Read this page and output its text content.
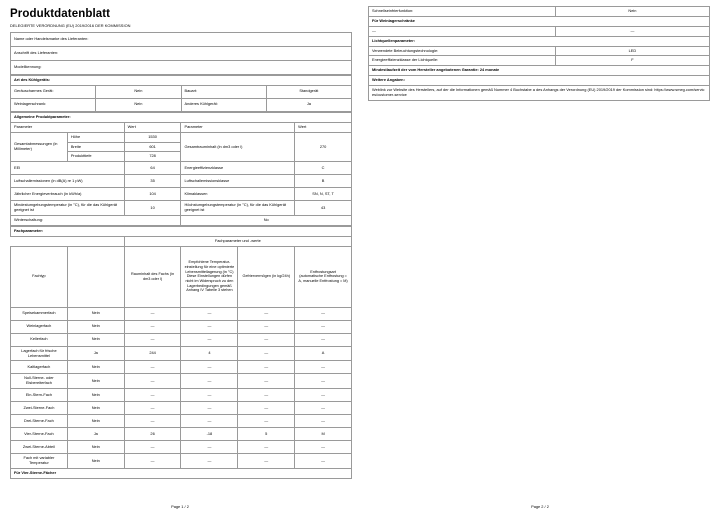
Produktdatenblatt
DELEGIERTE VERORDNUNG (EU) 2019/2016 DER KOMMISSION
Name oder Handelsmarke des Lieferanten:
Anschrift des Lieferanten:
Modellkennung:
Art des Kühlgeräts:			
Geräuscharmes Gerät:	Nein	Bauart:	Standgerät
Weinlagerschrank:	Nein	Anderes Kühlgerät:	Ja
Allgemeine Produktparameter:				
Parameter		Wert	Parameter	Wert
Gesamtabmessungen (in Millimeter)	Höhe	1530	Gesamtrauminhalt (in dm3 oder l)	270
	Breite	601		
	Produkttiefe	728		
EEI		64	Energieeffizienzklasse	C
Luftschallemissionen (in dB(A) re 1 pW)		35	Luftschallemissionsklasse	B
Jährlicher Energieverbrauch (in kWh/a)		104	Klimaklassen	SN, N, ST, T
Mindestumgebungstemperatur (in °C), für die das Kühlgerät geeignet ist		10	Höchstumgebungstemperatur (in °C), für die das Kühlgerät geeignet ist	43
Winterschaltung:			No	
Fachparameter:					
		Fachparameter und -werte			
Fachtyp		Rauminhalt des Fachs (in dm3 oder l)	Empfohlene Temperatur-einstellung für eine optimierte Lebensmittellagerung (in °C) Diese Einstellungen dürfen nicht im Widerspruch zu den Lagerbedingungen gemäß Anhang IV Tabelle 3 stehen	Gefriervermögen (in kg/24h)	Entfrostungsart (automatische Entfrostung = A, manuelle Entfrostung = M)
Speisekammerfach	Nein	—	—	—	—
Weinlagerfach	Nein	—	—	—	—
Kellerfach	Nein	—	—	—	—
Lagerfach für frische Lebensmittel	Ja	244	4	—	A
Kaltlagerfach	Nein	—	—	—	—
Null-Sterne- oder Eisbereiterfach	Nein	—	—	—	—
Ein-Stern-Fach	Nein	—	—	—	—
Zwei-Sterne-Fach	Nein	—	—	—	—
Drei-Sterne-Fach	Nein	—	—	—	—
Vier-Sterne-Fach	Ja	26	-18	5	M
Zwei-Sterne-Abteil	Nein	—	—	—	—
Fach mit variabler Temperatur	Nein	—	—	—	—
Für Vier-Sterne-Fächer					
Page 1 / 2
Schnellseinfrierfunktion:	Nein
Für Weinlagerschränke	
—	—
Lichtquellenparameter:	
Verwendete Beleuchtungstechnologie:	LED
Energieeffizienzklasse der Lichtquelle:	F
Mindestlaufzeit der vom Hersteller angebotenen Garantie: 24 monate	
Weitere Angaben:	
Weblink zur Website des Herstellers, auf der die Informationen gemäß Nummer 4 Buchstabe a des Anhangs der Verordnung (EU) 2019/2019 der Kommission sind: https://www.smeg.com/services/customer-service	
Page 2 / 2
